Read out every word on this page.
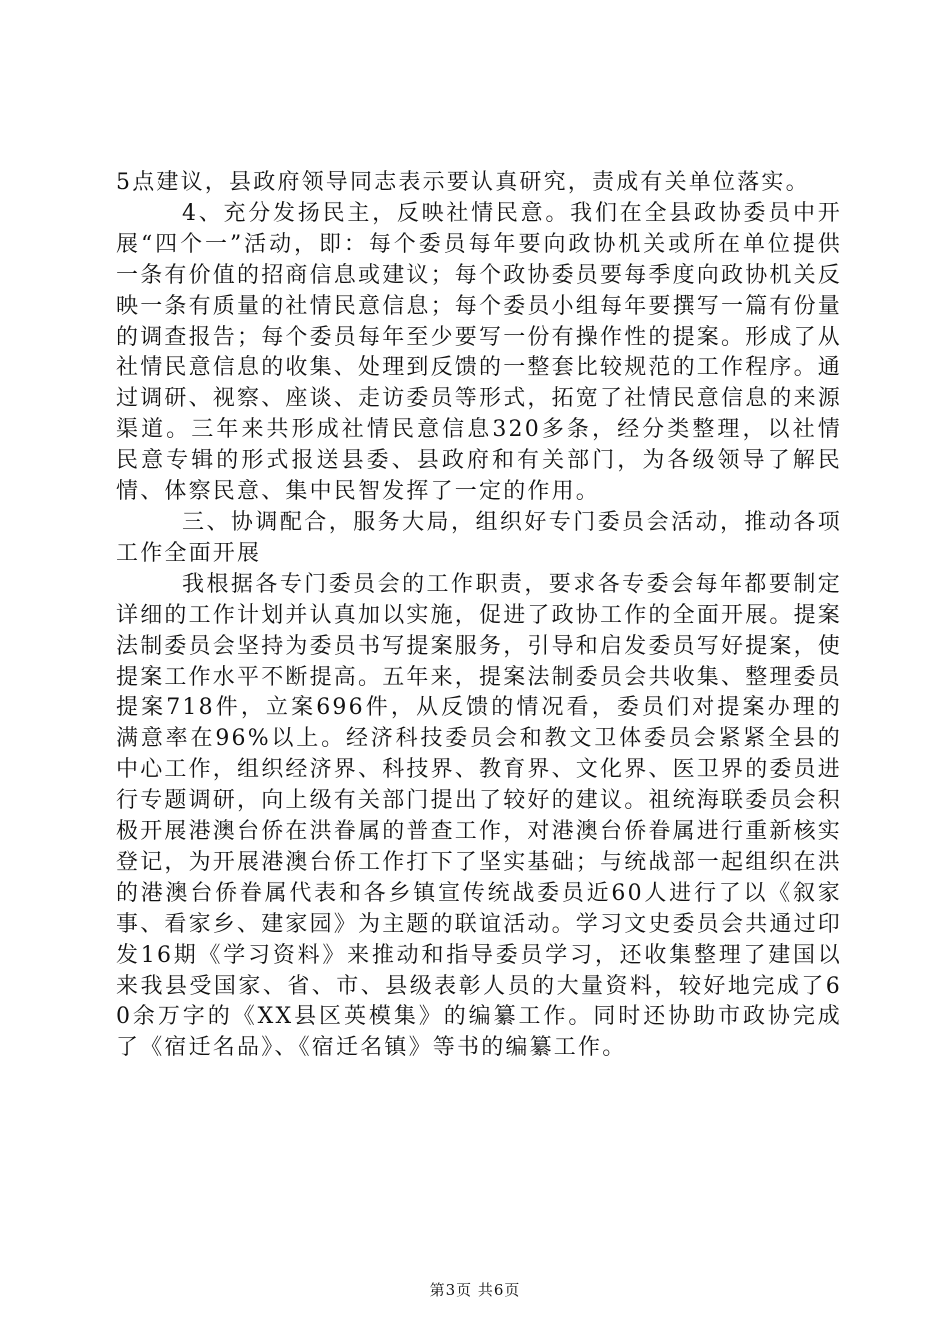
5点建议，县政府领导同志表示要认真研究，责成有关单位落实。

4、充分发扬民主，反映社情民意。我们在全县政协委员中开展“四个一”活动，即：每个委员每年要向政协机关或所在单位提供一条有价值的招商信息或建议；每个政协委员要每季度向政协机关反映一条有质量的社情民意信息；每个委员小组每年要撰写一篇有份量的调查报告；每个委员每年至少要写一份有操作性的提案。形成了从社情民意信息的收集、处理到反馈的一整套比较规范的工作程序。通过调研、视察、座谈、走访委员等形式，拓宽了社情民意信息的来源渠道。三年来共形成社情民意信息320多条，经分类整理，以社情民意专辑的形式报送县委、县政府和有关部门，为各级领导了解民情、体察民意、集中民智发挥了一定的作用。

三、协调配合，服务大局，组织好专门委员会活动，推动各项工作全面开展

我根据各专门委员会的工作职责，要求各专委会每年都要制定详细的工作计划并认真加以实施，促进了政协工作的全面开展。提案法制委员会坚持为委员书写提案服务，引导和启发委员写好提案，使提案工作水平不断提高。五年来，提案法制委员会共收集、整理委员提案718件，立案696件，从反馈的情况看，委员们对提案办理的满意率在96%以上。经济科技委员会和教文卫体委员会紧紧全县的中心工作，组织经济界、科技界、教育界、文化界、医卫界的委员进行专题调研，向上级有关部门提出了较好的建议。祖统海联委员会积极开展港澳台侨在洪眷属的普查工作，对港澳台侨眷属进行重新核实登记，为开展港澳台侨工作打下了坚实基础；与统战部一起组织在洪的港澳台侨眷属代表和各乡镇宣传统战委员近60人进行了以《叙家事、看家乡、建家园》为主题的联谊活动。学习文史委员会共通过印发16期《学习资料》来推动和指导委员学习，还收集整理了建国以来我县受国家、省、市、县级表彰人员的大量资料，较好地完成了60余万字的《XX县区英模集》的编纂工作。同时还协助市政协完成了《宿迁名品》、《宿迁名镇》等书的编纂工作。

第3页 共6页
